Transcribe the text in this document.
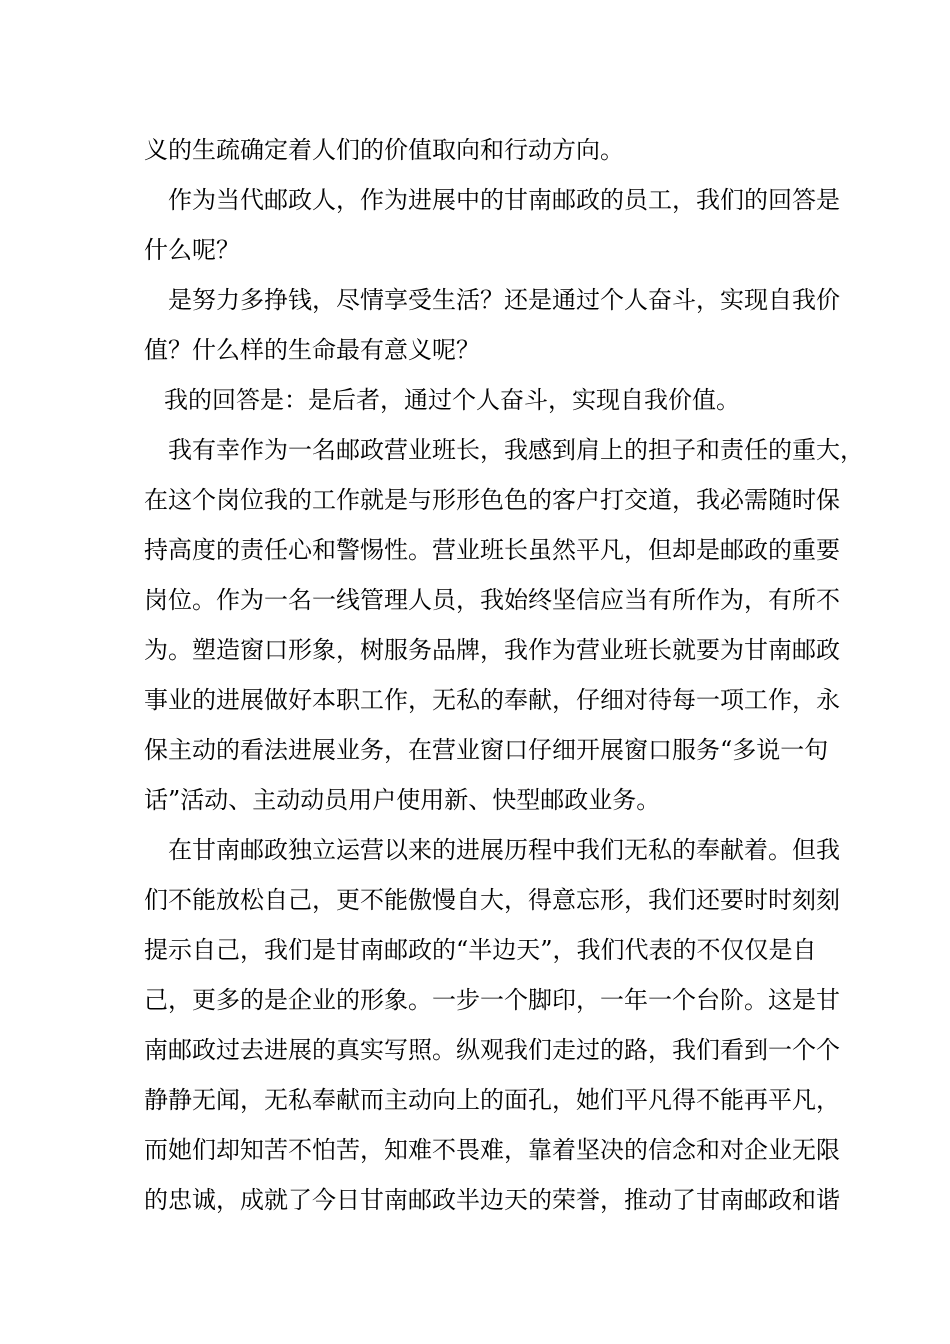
义的生疏确定着人们的价值取向和行动方向。
作为当代邮政人，作为进展中的甘南邮政的员工，我们的回答是
什么呢？
是努力多挣钱，尽情享受生活？还是通过个人奋斗，实现自我价
值？什么样的生命最有意义呢？
我的回答是：是后者，通过个人奋斗，实现自我价值。
我有幸作为一名邮政营业班长，我感到肩上的担子和责任的重大，
在这个岗位我的工作就是与形形色色的客户打交道，我必需随时保
持高度的责任心和警惕性。营业班长虽然平凡，但却是邮政的重要
岗位。作为一名一线管理人员，我始终坚信应当有所作为，有所不
为。塑造窗口形象，树服务品牌，我作为营业班长就要为甘南邮政
事业的进展做好本职工作，无私的奉献，仔细对待每一项工作，永
保主动的看法进展业务，在营业窗口仔细开展窗口服务“多说一句
话”活动、主动动员用户使用新、快型邮政业务。
在甘南邮政独立运营以来的进展历程中我们无私的奉献着。但我
们不能放松自己，更不能傲慢自大，得意忘形，我们还要时时刻刻
提示自己，我们是甘南邮政的“半边天”，我们代表的不仅仅是自
己，更多的是企业的形象。一步一个脚印，一年一个台阶。这是甘
南邮政过去进展的真实写照。纵观我们走过的路，我们看到一个个
静静无闻，无私奉献而主动向上的面孔，她们平凡得不能再平凡，
而她们却知苦不怕苦，知难不畏难，靠着坚决的信念和对企业无限
的忠诚，成就了今日甘南邮政半边天的荣誉，推动了甘南邮政和谐
